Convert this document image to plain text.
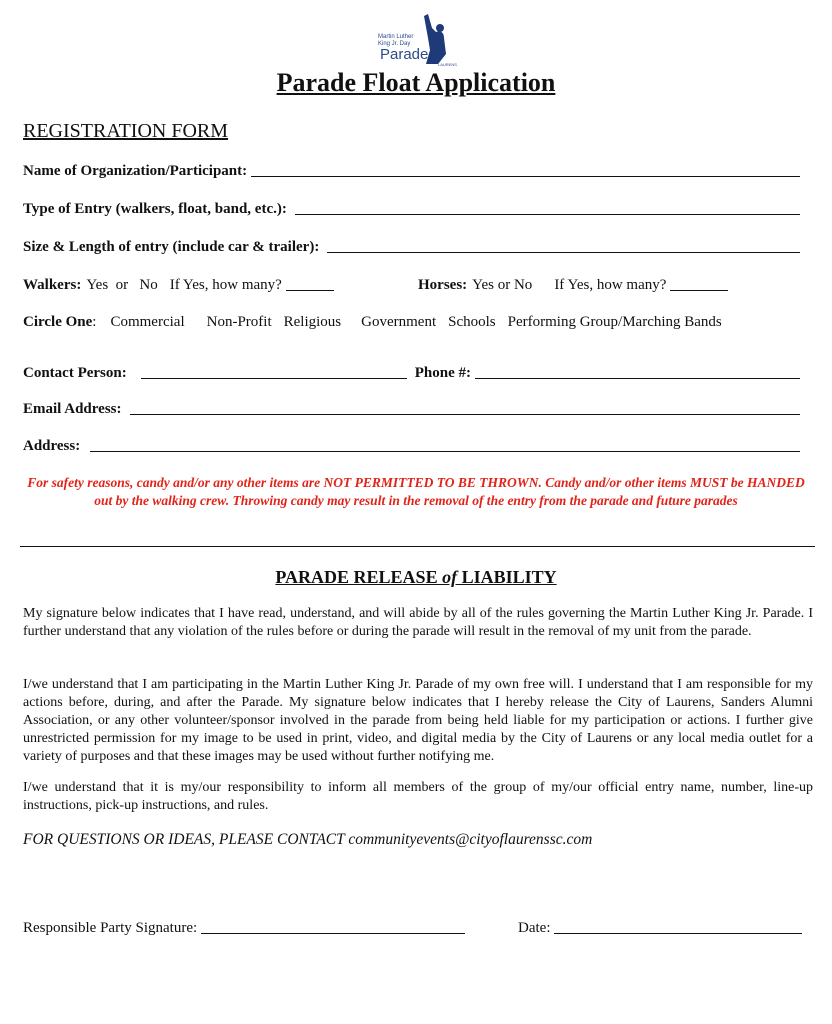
Martin Luther
King Jr. Day
Parade
LAURENS
Parade Float Application
REGISTRATION FORM
Name of Organization/Participant:
Type of Entry (walkers, float, band, etc.):
Size & Length of entry (include car & trailer):
Walkers: Yes  or   No If Yes, how many?	Horses: Yes or No If Yes, how many?
Circle One : Commercial Non-Profit Religious Government Schools Performing Group/Marching Bands
Contact Person:	Phone #:
Email Address:
Address:
For safety reasons, candy and/or any other items are NOT PERMITTED TO BE THROWN. Candy and/or other items MUST be HANDED out by the walking crew. Throwing candy may result in the removal of the entry from the parade and future parades
PARADE RELEASE of LIABILITY
My signature below indicates that I have read, understand, and will abide by all of the rules governing the Martin Luther King Jr. Parade. I further understand that any violation of the rules before or during the parade will result in the removal of my unit from the parade.
I/we understand that I am participating in the Martin Luther King Jr. Parade of my own free will. I understand that I am responsible for my actions before, during, and after the Parade. My signature below indicates that I hereby release the City of Laurens, Sanders Alumni Association, or any other volunteer/sponsor involved in the parade from being held liable for my participation or actions. I further give unrestricted permission for my image to be used in print, video, and digital media by the City of Laurens or any local media outlet for a variety of purposes and that these images may be used without further notifying me.
I/we understand that it is my/our responsibility to inform all members of the group of my/our official entry name, number, line-up instructions, pick-up instructions, and rules.
FOR QUESTIONS OR IDEAS, PLEASE CONTACT communityevents@cityoflaurenssc.com
Responsible Party Signature:	Date:
